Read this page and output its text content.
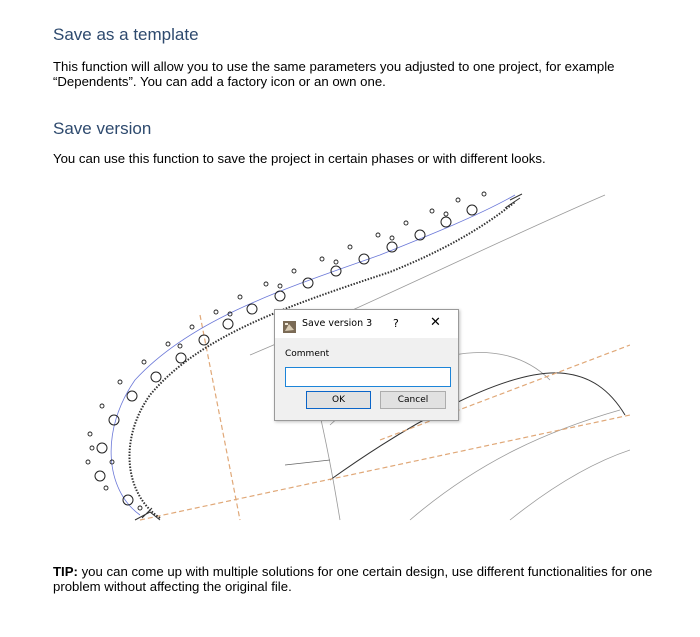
Save as a template

This function will allow you to use the same parameters you adjusted to one project, for example “Dependents”. You can add a factory icon or an own one.

Save version

You can use this function to save the project in certain phases or with different looks.

Save version 3 ? ✕
Comment
OK	Cancel

TIP: you can come up with multiple solutions for one certain design, use different functionalities for one problem without affecting the original file.
